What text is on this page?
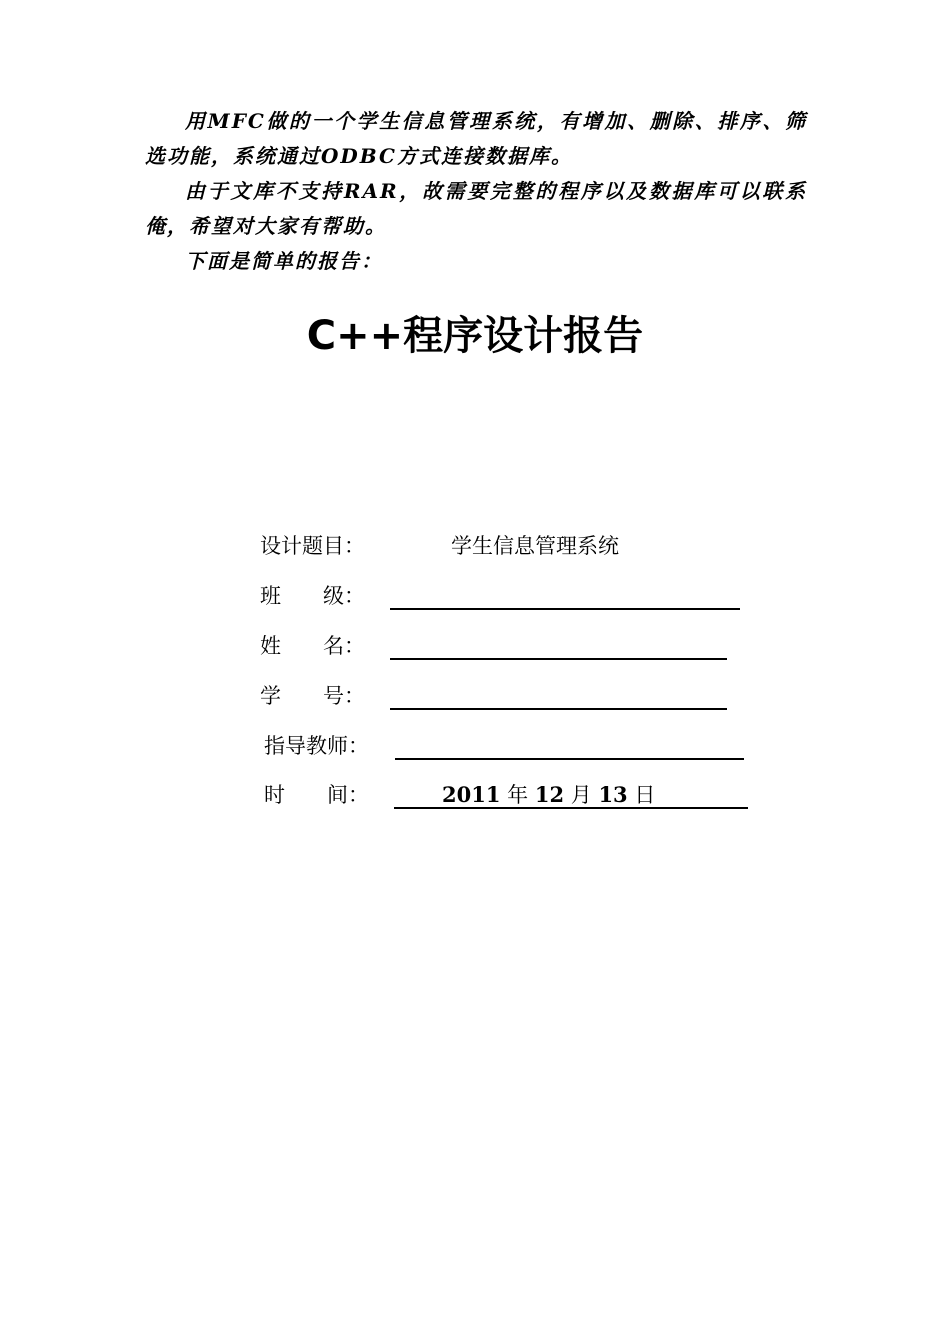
用MFC做的一个学生信息管理系统，有增加、删除、排序、筛选功能，系统通过ODBC方式连接数据库。

由于文库不支持RAR，故需要完整的程序以及数据库可以联系俺，希望对大家有帮助。

下面是简单的报告：

C++程序设计报告
设计题目：	学生信息管理系统
班　　级：
姓　　名：
学　　号：
指导教师：
时　　间：	2011 年 12 月 13 日
